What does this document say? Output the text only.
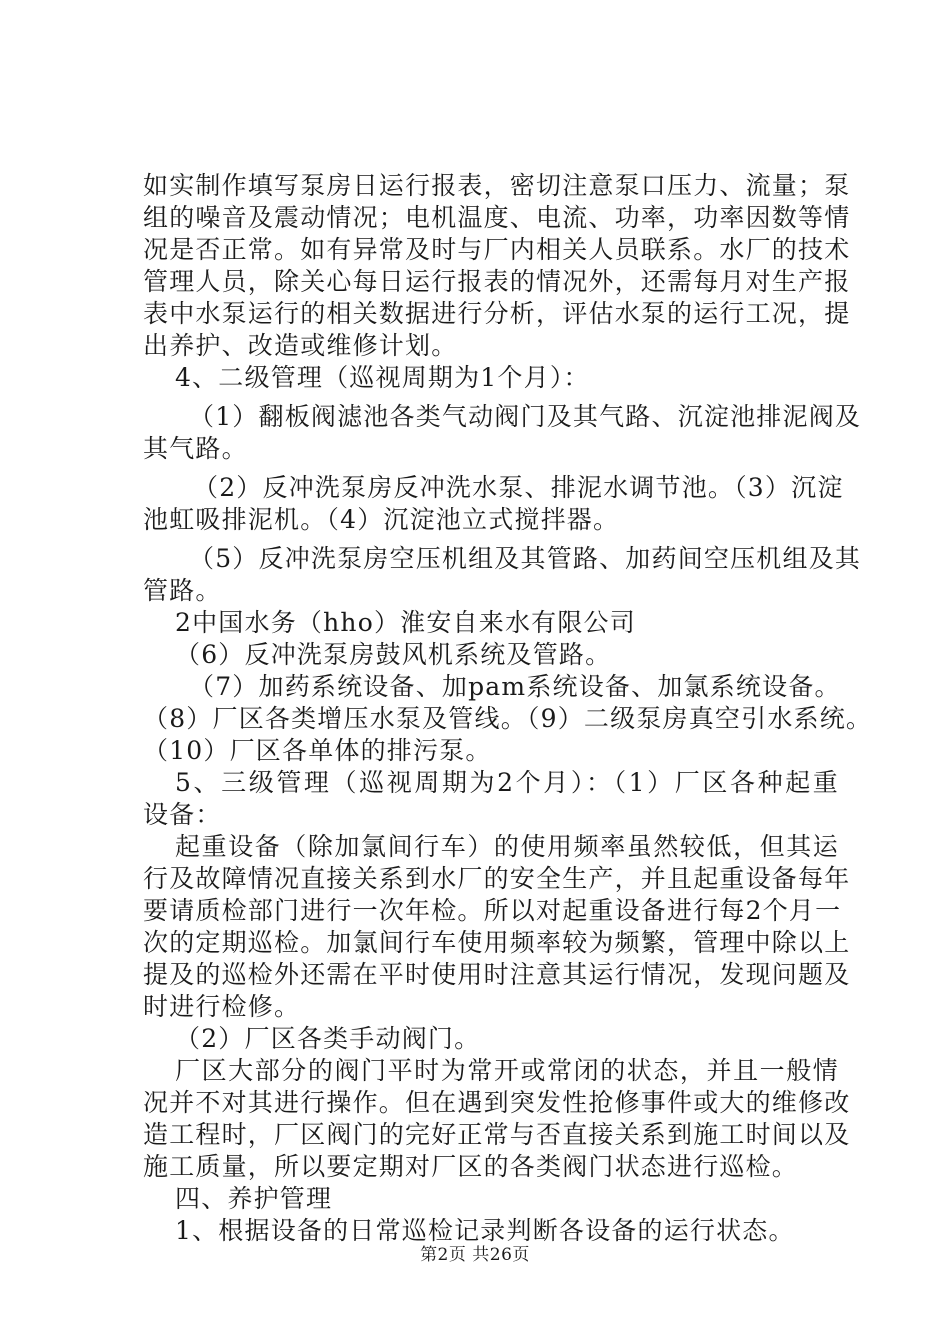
如实制作填写泵房日运行报表，密切注意泵口压力、流量；泵
组的噪音及震动情况；电机温度、电流、功率，功率因数等情
况是否正常。如有异常及时与厂内相关人员联系。水厂的技术
管理人员，除关心每日运行报表的情况外，还需每月对生产报
表中水泵运行的相关数据进行分析，评估水泵的运行工况，提
出养护、改造或维修计划。
4、二级管理（巡视周期为1个月）：
（1）翻板阀滤池各类气动阀门及其气路、沉淀池排泥阀及
其气路。
（2）反冲洗泵房反冲洗水泵、排泥水调节池。（3）沉淀
池虹吸排泥机。（4）沉淀池立式搅拌器。
（5）反冲洗泵房空压机组及其管路、加药间空压机组及其
管路。
2中国水务（hho）淮安自来水有限公司
（6）反冲洗泵房鼓风机系统及管路。
（7）加药系统设备、加pam系统设备、加氯系统设备。
（8）厂区各类增压水泵及管线。（9）二级泵房真空引水系统。
（10）厂区各单体的排污泵。
5、三级管理（巡视周期为2个月）：（1）厂区各种起重
设备：
起重设备（除加氯间行车）的使用频率虽然较低，但其运
行及故障情况直接关系到水厂的安全生产，并且起重设备每年
要请质检部门进行一次年检。所以对起重设备进行每2个月一
次的定期巡检。加氯间行车使用频率较为频繁，管理中除以上
提及的巡检外还需在平时使用时注意其运行情况，发现问题及
时进行检修。
（2）厂区各类手动阀门。
厂区大部分的阀门平时为常开或常闭的状态，并且一般情
况并不对其进行操作。但在遇到突发性抢修事件或大的维修改
造工程时，厂区阀门的完好正常与否直接关系到施工时间以及
施工质量，所以要定期对厂区的各类阀门状态进行巡检。
四、养护管理
1、根据设备的日常巡检记录判断各设备的运行状态。
第2页 共26页
